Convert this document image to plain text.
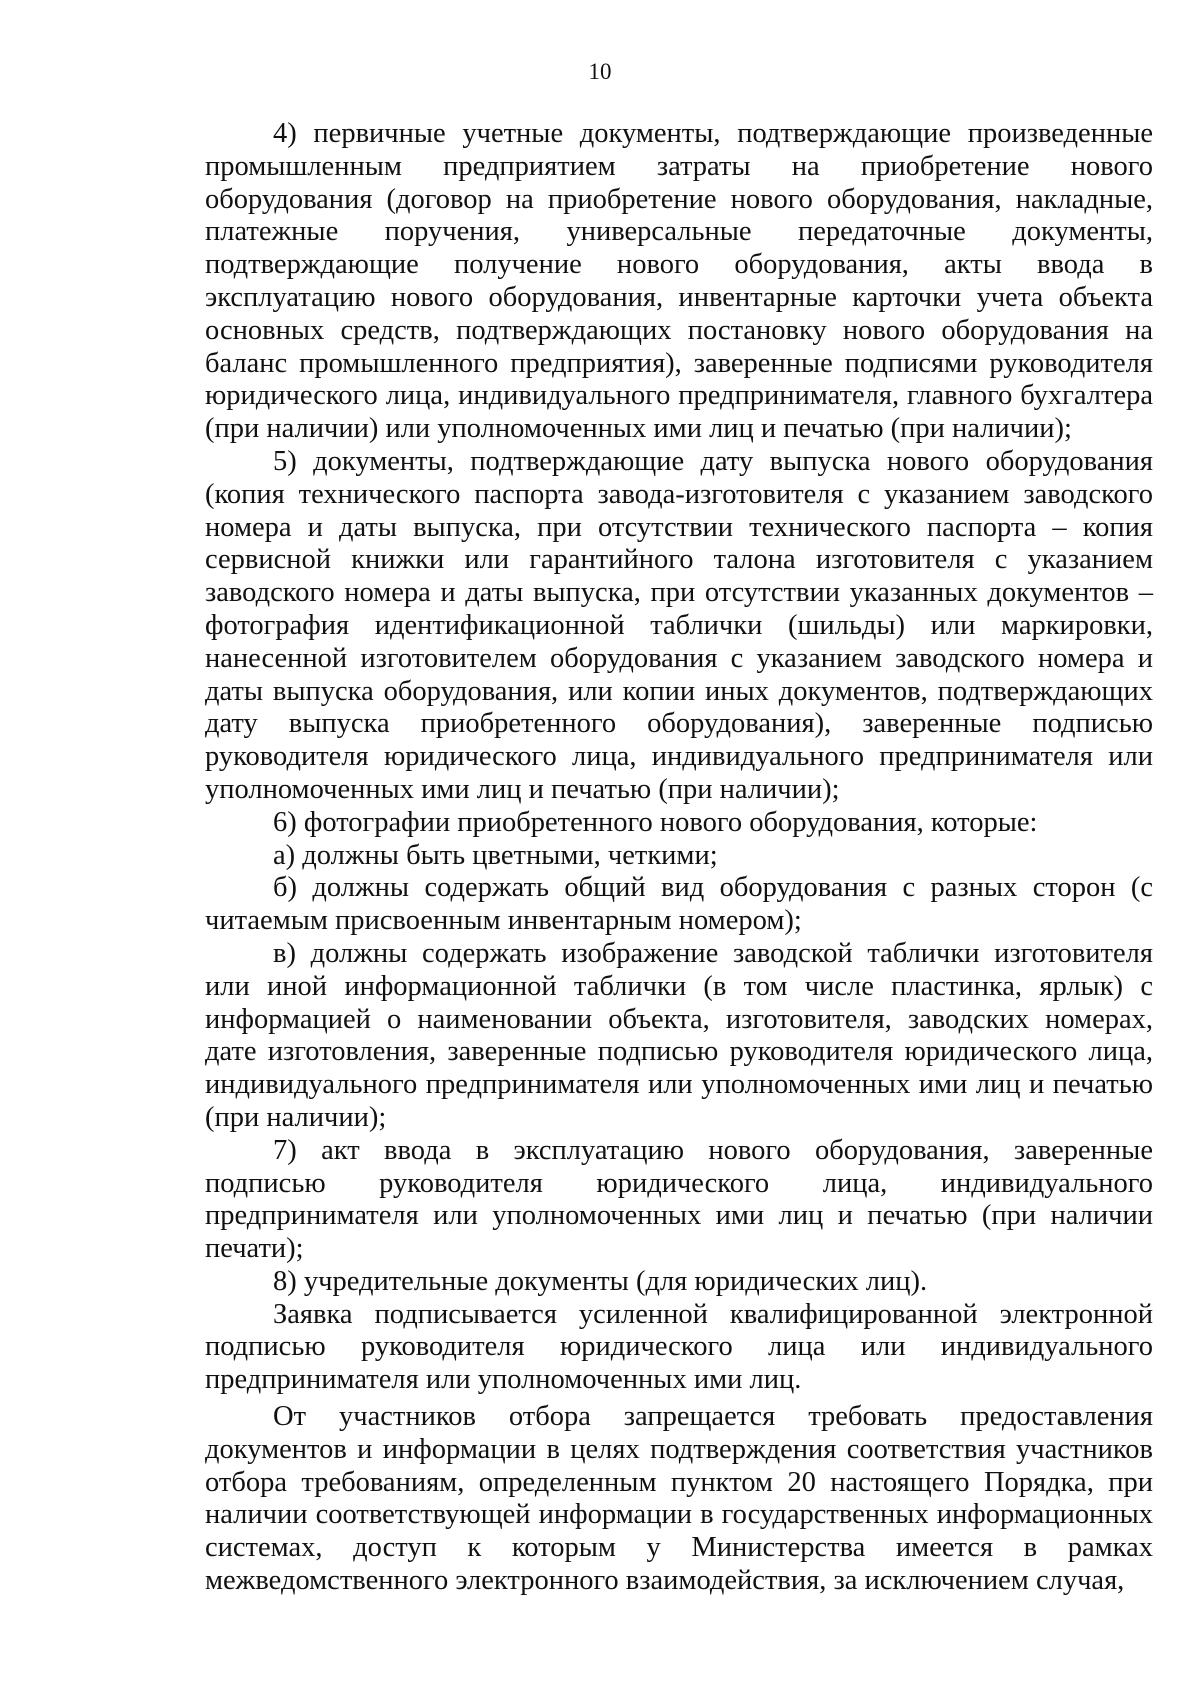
10

4) первичные учетные документы, подтверждающие произведенные промышленным предприятием затраты на приобретение нового оборудования (договор на приобретение нового оборудования, накладные, платежные поручения, универсальные передаточные документы, подтверждающие получение нового оборудования, акты ввода в эксплуатацию нового оборудования, инвентарные карточки учета объекта основных средств, подтверждающих постановку нового оборудования на баланс промышленного предприятия), заверенные подписями руководителя юридического лица, индивидуального предпринимателя, главного бухгалтера (при наличии) или уполномоченных ими лиц и печатью (при наличии);

5) документы, подтверждающие дату выпуска нового оборудования (копия технического паспорта завода-изготовителя с указанием заводского номера и даты выпуска, при отсутствии технического паспорта – копия сервисной книжки или гарантийного талона изготовителя с указанием заводского номера и даты выпуска, при отсутствии указанных документов – фотография идентификационной таблички (шильды) или маркировки, нанесенной изготовителем оборудования с указанием заводского номера и даты выпуска оборудования, или копии иных документов, подтверждающих дату выпуска приобретенного оборудования), заверенные подписью руководителя юридического лица, индивидуального предпринимателя или уполномоченных ими лиц и печатью (при наличии);

6) фотографии приобретенного нового оборудования, которые:

а) должны быть цветными, четкими;

б) должны содержать общий вид оборудования с разных сторон (с читаемым присвоенным инвентарным номером);

в) должны содержать изображение заводской таблички изготовителя или иной информационной таблички (в том числе пластинка, ярлык) с информацией о наименовании объекта, изготовителя, заводских номерах, дате изготовления, заверенные подписью руководителя юридического лица, индивидуального предпринимателя или уполномоченных ими лиц и печатью (при наличии);

7) акт ввода в эксплуатацию нового оборудования, заверенные подписью руководителя юридического лица, индивидуального предпринимателя или уполномоченных ими лиц и печатью (при наличии печати);

8) учредительные документы (для юридических лиц).

Заявка подписывается усиленной квалифицированной электронной подписью руководителя юридического лица или индивидуального предпринимателя или уполномоченных ими лиц.

От участников отбора запрещается требовать предоставления документов и информации в целях подтверждения соответствия участников отбора требованиям, определенным пунктом 20 настоящего Порядка, при наличии соответствующей информации в государственных информационных системах, доступ к которым у Министерства имеется в рамках межведомственного электронного взаимодействия, за исключением случая,
